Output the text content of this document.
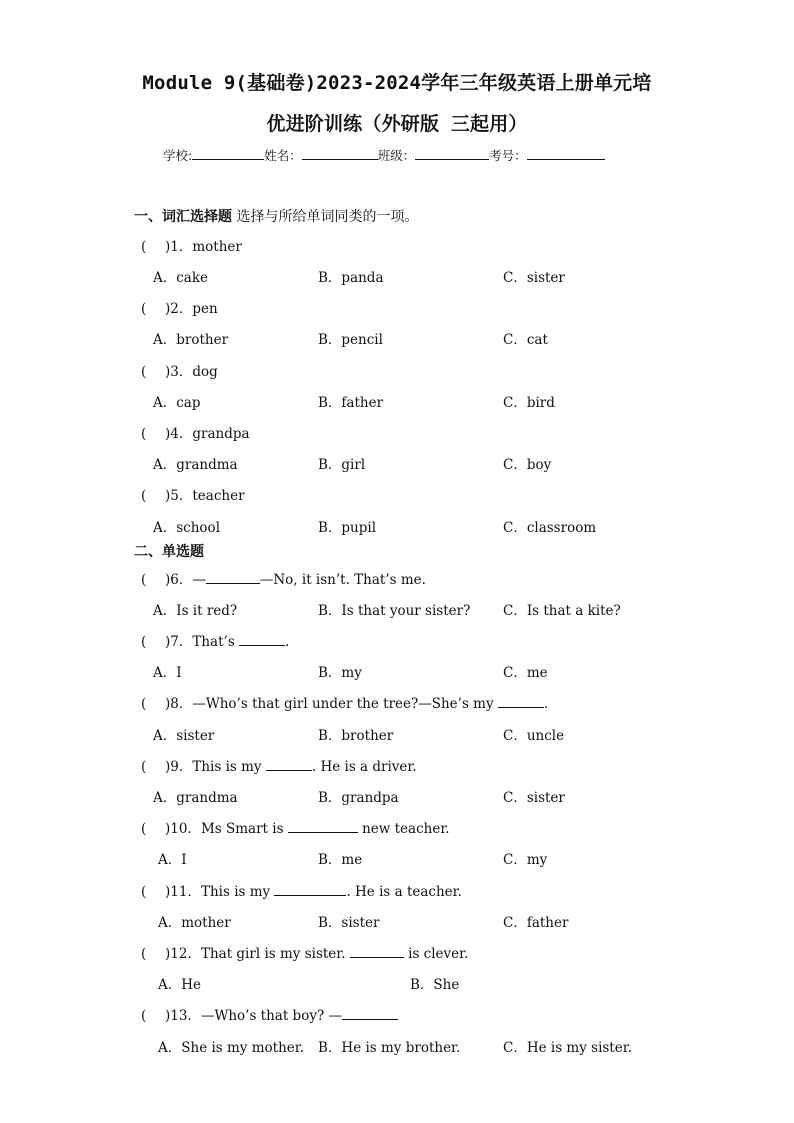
Module 9(基础卷)2023-2024学年三年级英语上册单元培
优进阶训练（外研版 三起用）
学校:	姓名：	班级：	考号：
一、词汇选择题 选择与所给单词同类的一项。
( )1．mother
A．cake	B．panda	C．sister
( )2．pen
A．brother	B．pencil	C．cat
( )3．dog
A．cap	B．father	C．bird
( )4．grandpa
A．grandma	B．girl	C．boy
( )5．teacher
A．school	B．pupil	C．classroom
二、单选题
( )6．—	—No, it isn’t. That’s me.
A．Is it red?	B．Is that your sister? C．Is that a kite?
( )7．That’s	.
A．I	B．my	C．me
( )8．—Who’s that girl under the tree?—She’s my	.
A．sister	B．brother	C．uncle
( )9．This is my	. He is a driver.
A．grandma	B．grandpa	C．sister
( )10．Ms Smart is	new teacher.
A．I	B．me	C．my
( )11．This is my	. He is a teacher.
A．mother	B．sister	C．father
( )12．That girl is my sister.	is clever.
A．He	B．She
( )13．—Who’s that boy? —
A．She is my mother. B．He is my brother.	C．He is my sister.
